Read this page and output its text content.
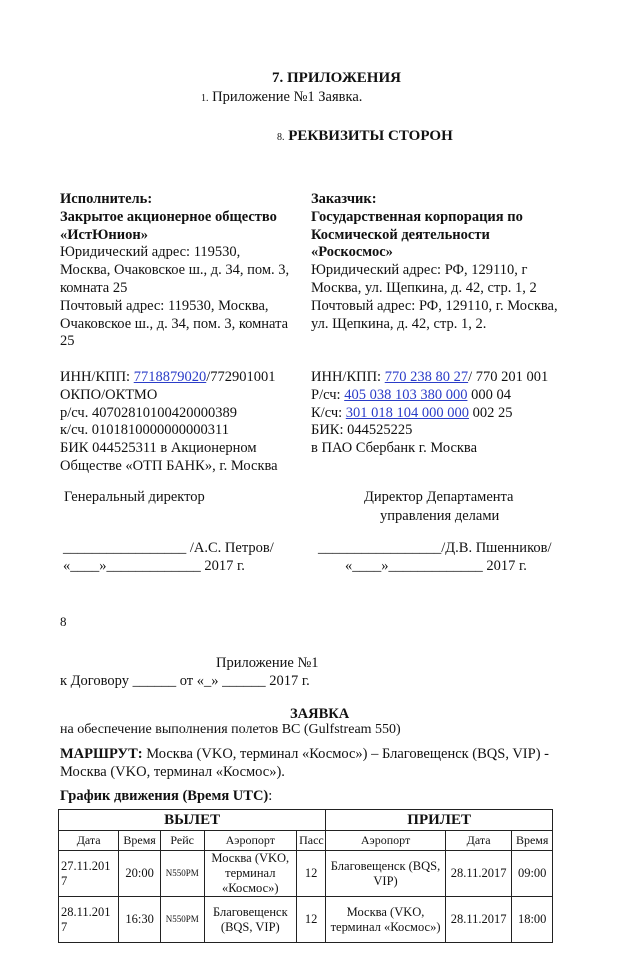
7. ПРИЛОЖЕНИЯ
1. Приложение №1 Заявка.
8. РЕКВИЗИТЫ СТОРОН
Исполнитель:
Закрытое акционерное общество
«ИстЮнион»
Юридический адрес: 119530,
Москва, Очаковское ш., д. 34, пом. 3,
комната 25
Почтовый адрес: 119530, Москва,
Очаковское ш., д. 34, пом. 3, комната
25
ИНН/КПП: 7718879020/772901001
ОКПО/ОКТМО
р/сч. 40702810100420000389
к/сч. 0101810000000000311
БИК 044525311 в Акционерном
Обществе «ОТП БАНК», г. Москва
Заказчик:
Государственная корпорация по
Космической деятельности
«Роскосмос»
Юридический адрес: РФ, 129110, г
Москва, ул. Щепкина, д. 42, стр. 1, 2
Почтовый адрес: РФ, 129110, г. Москва,
ул. Щепкина, д. 42, стр. 1, 2.
ИНН/КПП: 770 238 80 27/ 770 201 001
Р/сч: 405 038 103 380 000 000 04
К/сч: 301 018 104 000 000 002 25
БИК: 044525225
в ПАО Сбербанк г. Москва
Генеральный директор	Директор Департамента
управления делами
_________________ /А.С. Петров/
«____»_____________ 2017 г.
_________________/Д.В. Пшенников/
«____»_____________ 2017 г.
8
Приложение №1
к Договору ______ от «_» ______ 2017 г.
ЗАЯВКА
на обеспечение выполнения полетов ВС (Gulfstream 550)
МАРШРУТ: Москва (VKO, терминал «Космос») – Благовещенск (BQS, VIP) -
Москва (VKO, терминал «Космос»).
График движения (Время UTC):
ВЫЛЕТ					ПРИЛЕТ		
Дата	Время	Рейс	Аэропорт	Пасс	Аэропорт	Дата	Время
27.11.2017	20:00	N550PM	Москва (VKO, терминал «Космос»)	12	Благовещенск (BQS, VIP)	28.11.2017	09:00
28.11.2017	16:30	N550PM	Благовещенск (BQS, VIP)	12	Москва (VKO, терминал «Космос»)	28.11.2017	18:00
